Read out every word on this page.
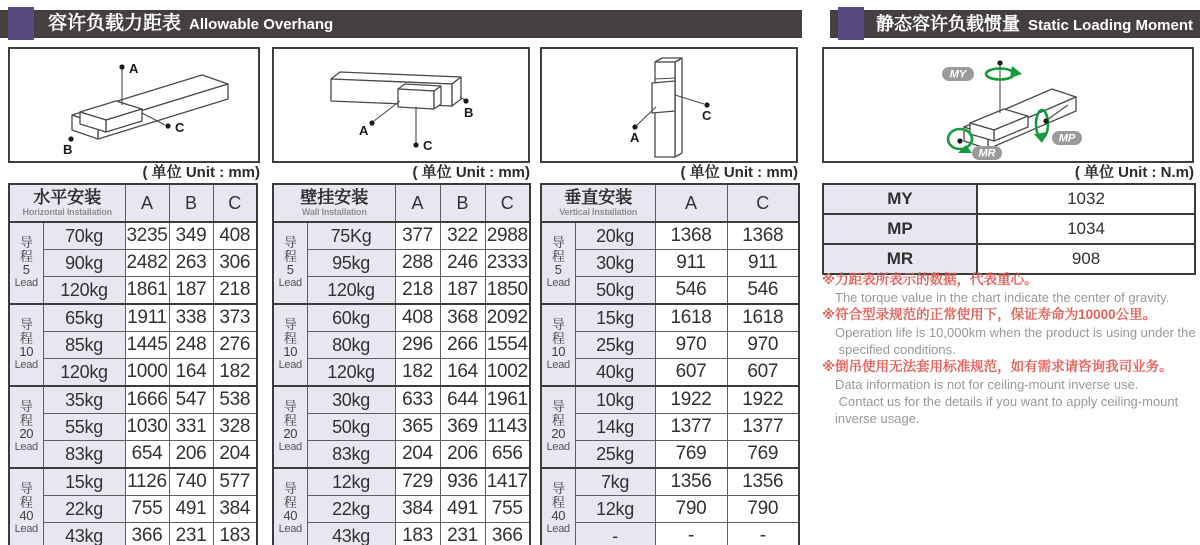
容许负载力距表 Allowable Overhang	静态容许负载惯量 Static Loading Moment
A
C
B
A
C
B
A
C
MY
MP
MR
( 单位 Unit : mm)	( 单位 Unit : mm)	( 单位 Unit : mm)	( 单位 Unit : N.m)
水平安装
Horizontal Installation		A	B	C

导
程
5
Lead	70kg	3235	349	408
	90kg	2482	263	306
	120kg	1861	187	218

导
程
10
Lead	65kg	1911	338	373
	85kg	1445	248	276
	120kg	1000	164	182

导
程
20
Lead	35kg	1666	547	538
	55kg	1030	331	328
	83kg	654	206	204

导
程
40
Lead	15kg	1126	740	577
	22kg	755	491	384
	43kg	366	231	183
壁挂安装
Wall Installation		A	B	C

导
程
5
Lead	75Kg	377	322	2988
	95kg	288	246	2333
	120kg	218	187	1850

导
程
10
Lead	60kg	408	368	2092
	80kg	296	266	1554
	120kg	182	164	1002

导
程
20
Lead	30kg	633	644	1961
	50kg	365	369	1143
	83kg	204	206	656

导
程
40
Lead	12kg	729	936	1417
	22kg	384	491	755
	43kg	183	231	366
垂直安装
Vertical Installation		A	C

导
程
5
Lead	20kg	1368	1368
	30kg	911	911
	50kg	546	546

导
程
10
Lead	15kg	1618	1618
	25kg	970	970
	40kg	607	607

导
程
20
Lead	10kg	1922	1922
	14kg	1377	1377
	25kg	769	769

导
程
40
Lead	7kg	1356	1356
	12kg	790	790
	-	-	-
MY	1032
MP	1034
MR	908
※力距表所表示的数据，代表重心。
The torque value in the chart indicate the center of gravity.
※符合型录规范的正常使用下，保证寿命为10000公里。
Operation life is 10,000km when the product is using under the
specified conditions.
※倒吊使用无法套用标准规范，如有需求请咨询我司业务。
Data information is not for ceiling-mount inverse use.
Contact us for the details if you want to apply ceiling-mount
inverse usage.
